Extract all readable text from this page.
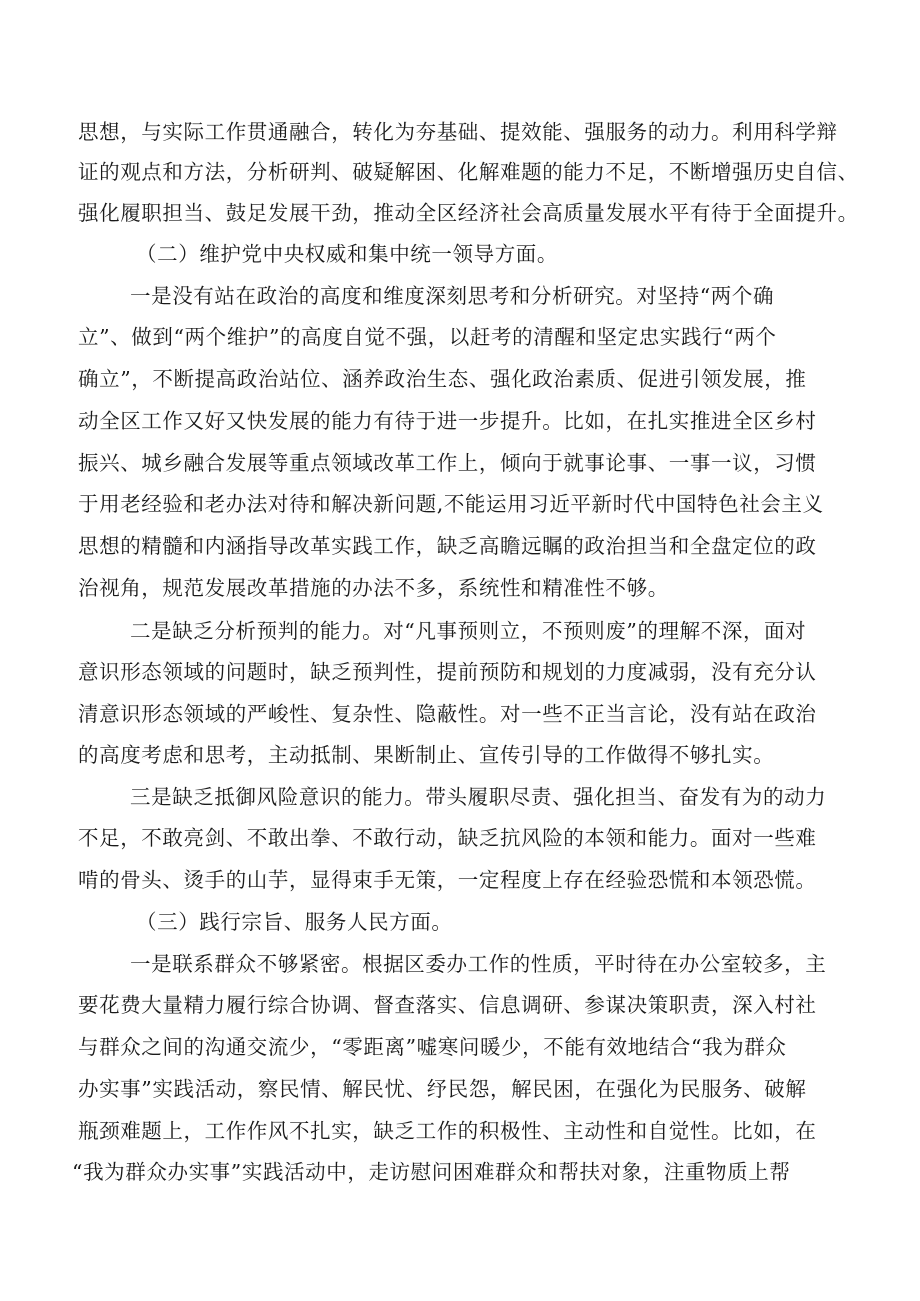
思想，与实际工作贯通融合，转化为夯基础、提效能、强服务的动力。利用科学辩
证的观点和方法，分析研判、破疑解困、化解难题的能力不足，不断增强历史自信、
强化履职担当、鼓足发展干劲，推动全区经济社会高质量发展水平有待于全面提升。
（二）维护党中央权威和集中统一领导方面。
一是没有站在政治的高度和维度深刻思考和分析研究。对坚持“两个确
立”、做到“两个维护”的高度自觉不强，以赶考的清醒和坚定忠实践行“两个
确立”，不断提高政治站位、涵养政治生态、强化政治素质、促进引领发展，推
动全区工作又好又快发展的能力有待于进一步提升。比如，在扎实推进全区乡村
振兴、城乡融合发展等重点领域改革工作上，倾向于就事论事、一事一议，习惯
于用老经验和老办法对待和解决新问题,不能运用习近平新时代中国特色社会主义
思想的精髓和内涵指导改革实践工作，缺乏高瞻远瞩的政治担当和全盘定位的政
治视角，规范发展改革措施的办法不多，系统性和精准性不够。
二是缺乏分析预判的能力。对“凡事预则立，不预则废”的理解不深，面对
意识形态领域的问题时，缺乏预判性，提前预防和规划的力度减弱，没有充分认
清意识形态领域的严峻性、复杂性、隐蔽性。对一些不正当言论，没有站在政治
的高度考虑和思考，主动抵制、果断制止、宣传引导的工作做得不够扎实。
三是缺乏抵御风险意识的能力。带头履职尽责、强化担当、奋发有为的动力
不足，不敢亮剑、不敢出拳、不敢行动，缺乏抗风险的本领和能力。面对一些难
啃的骨头、烫手的山芋，显得束手无策，一定程度上存在经验恐慌和本领恐慌。
（三）践行宗旨、服务人民方面。
一是联系群众不够紧密。根据区委办工作的性质，平时待在办公室较多，主
要花费大量精力履行综合协调、督查落实、信息调研、参谋决策职责，深入村社
与群众之间的沟通交流少，“零距离”嘘寒问暖少，不能有效地结合“我为群众
办实事”实践活动，察民情、解民忧、纾民怨，解民困，在强化为民服务、破解
瓶颈难题上，工作作风不扎实，缺乏工作的积极性、主动性和自觉性。比如，在
“我为群众办实事”实践活动中，走访慰问困难群众和帮扶对象，注重物质上帮
